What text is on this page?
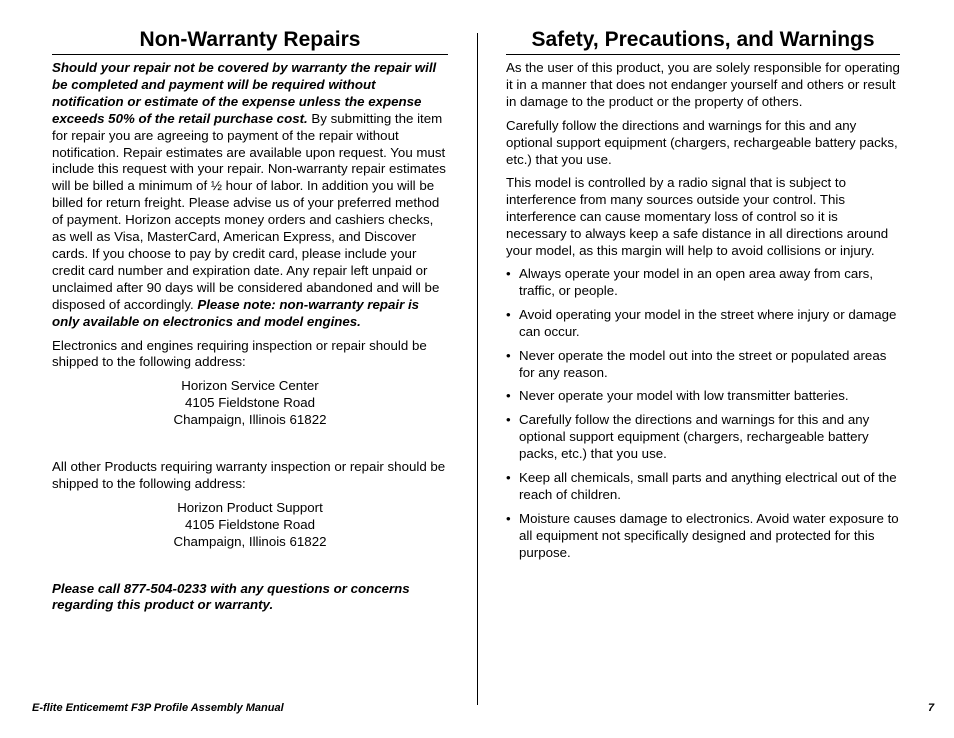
Non-Warranty Repairs

Should your repair not be covered by warranty the repair will be completed and payment will be required without notification or estimate of the expense unless the expense exceeds 50% of the retail purchase cost. By submitting the item for repair you are agreeing to payment of the repair without notification. Repair estimates are available upon request. You must include this request with your repair. Non-warranty repair estimates will be billed a minimum of ½ hour of labor. In addition you will be billed for return freight. Please advise us of your preferred method of payment. Horizon accepts money orders and cashiers checks, as well as Visa, MasterCard, American Express, and Discover cards. If you choose to pay by credit card, please include your credit card number and expiration date. Any repair left unpaid or unclaimed after 90 days will be considered abandoned and will be disposed of accordingly. Please note: non-warranty repair is only available on electronics and model engines.

Electronics and engines requiring inspection or repair should be shipped to the following address:

Horizon Service Center
4105 Fieldstone Road
Champaign, Illinois 61822

All other Products requiring warranty inspection or repair should be shipped to the following address:

Horizon Product Support
4105 Fieldstone Road
Champaign, Illinois 61822

Please call 877-504-0233 with any questions or concerns regarding this product or warranty.

Safety, Precautions, and Warnings

As the user of this product, you are solely responsible for operating it in a manner that does not endanger yourself and others or result in damage to the product or the property of others.

Carefully follow the directions and warnings for this and any optional support equipment (chargers, rechargeable battery packs, etc.) that you use.

This model is controlled by a radio signal that is subject to interference from many sources outside your control. This interference can cause momentary loss of control so it is necessary to always keep a safe distance in all directions around your model, as this margin will help to avoid collisions or injury.

• Always operate your model in an open area away from cars, traffic, or people.
• Avoid operating your model in the street where injury or damage can occur.
• Never operate the model out into the street or populated areas for any reason.
• Never operate your model with low transmitter batteries.
• Carefully follow the directions and warnings for this and any optional support equipment (chargers, rechargeable battery packs, etc.) that you use.
• Keep all chemicals, small parts and anything electrical out of the reach of children.
• Moisture causes damage to electronics. Avoid water exposure to all equipment not specifically designed and protected for this purpose.
E-flite Enticememt F3P Profile Assembly Manual	7
